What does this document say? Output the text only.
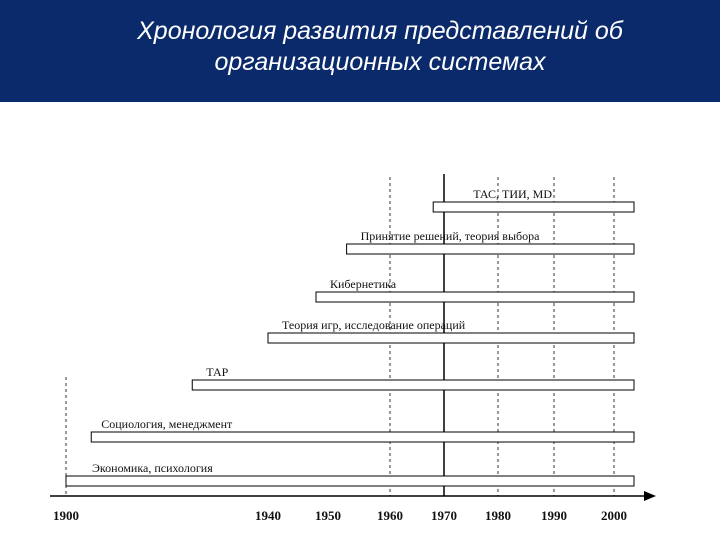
Хронология развития представлений об
организационных системах
ТАС, ТИИ, МD
Принятие решений, теория выбора
Кибернетика
Теория игр, исследование операций
ТАР
Социология, менеджмент
Экономика, психология
1900	1940	1950	1960 1970 1980 1990	2000
